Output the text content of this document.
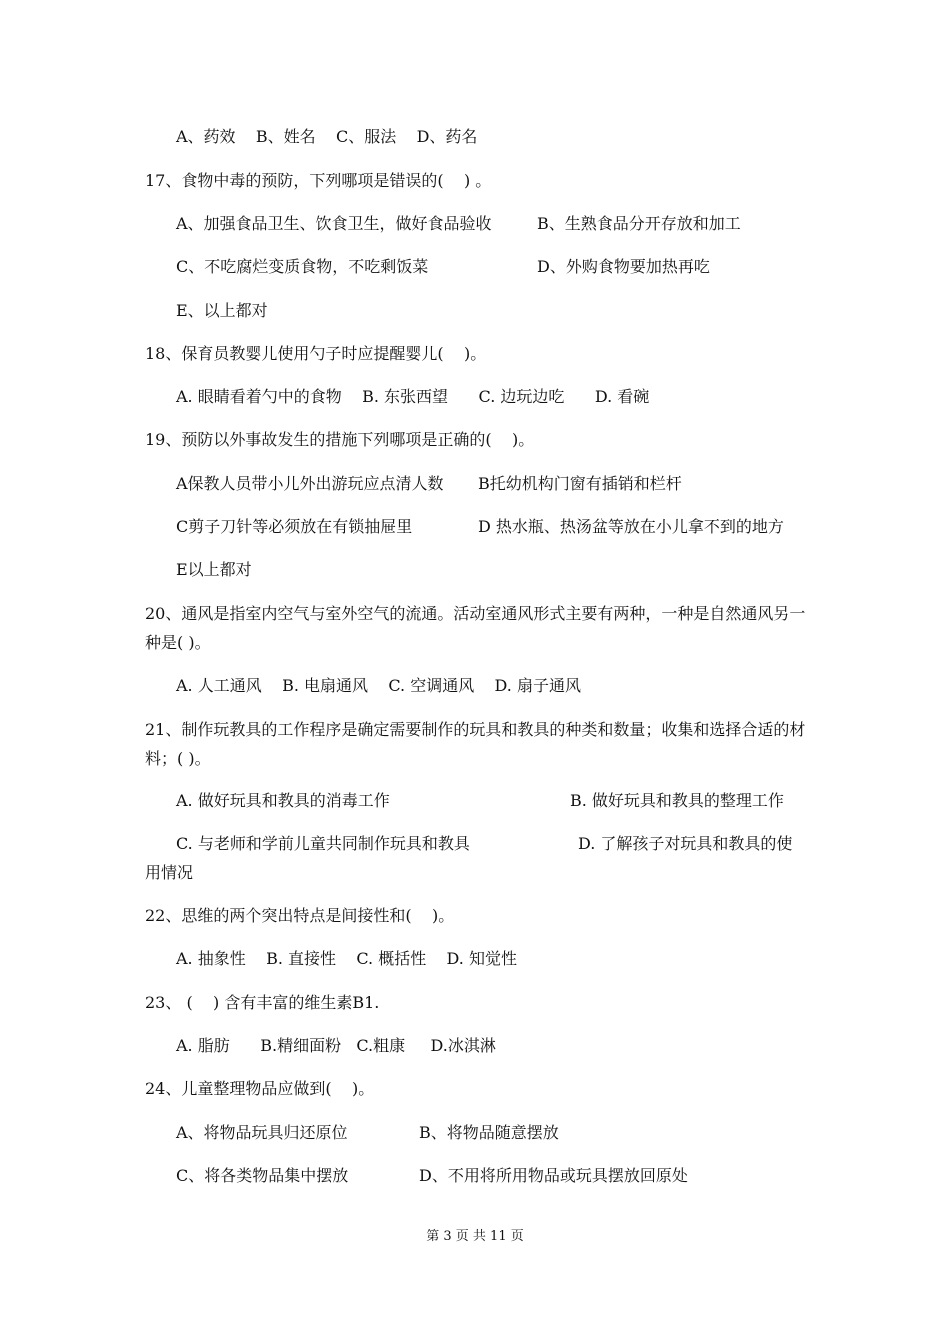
A、药效    B、姓名    C、服法    D、药名
17、食物中毒的预防，下列哪项是错误的(    ) 。
A、加强食品卫生、饮食卫生，做好食品验收	B、生熟食品分开存放和加工
C、不吃腐烂变质食物，不吃剩饭菜	D、外购食物要加热再吃
E、以上都对
18、保育员教婴儿使用勺子时应提醒婴儿(    )。
A. 眼睛看着勺中的食物    B. 东张西望      C. 边玩边吃      D. 看碗
19、预防以外事故发生的措施下列哪项是正确的(    )。
A保教人员带小儿外出游玩应点清人数 B托幼机构门窗有插销和栏杆
C剪子刀针等必须放在有锁抽屉里	D 热水瓶、热汤盆等放在小儿拿不到的地方
E以上都对
20、通风是指室内空气与室外空气的流通。活动室通风形式主要有两种，一种是自然通风另一种是( )。
A. 人工通风    B. 电扇通风    C. 空调通风    D. 扇子通风
21、制作玩教具的工作程序是确定需要制作的玩具和教具的种类和数量；收集和选择合适的材料；( )。
A. 做好玩具和教具的消毒工作	B. 做好玩具和教具的整理工作
C. 与老师和学前儿童共同制作玩具和教具	D. 了解孩子对玩具和教具的使
用情况
22、思维的两个突出特点是间接性和(    )。
A. 抽象性    B. 直接性    C. 概括性    D. 知觉性
23、 (    ) 含有丰富的维生素B1.
A. 脂肪      B.精细面粉   C.粗康     D.冰淇淋
24、儿童整理物品应做到(    )。
A、将物品玩具归还原位	B、将物品随意摆放
C、将各类物品集中摆放	D、不用将所用物品或玩具摆放回原处
第 3 页 共 11 页
